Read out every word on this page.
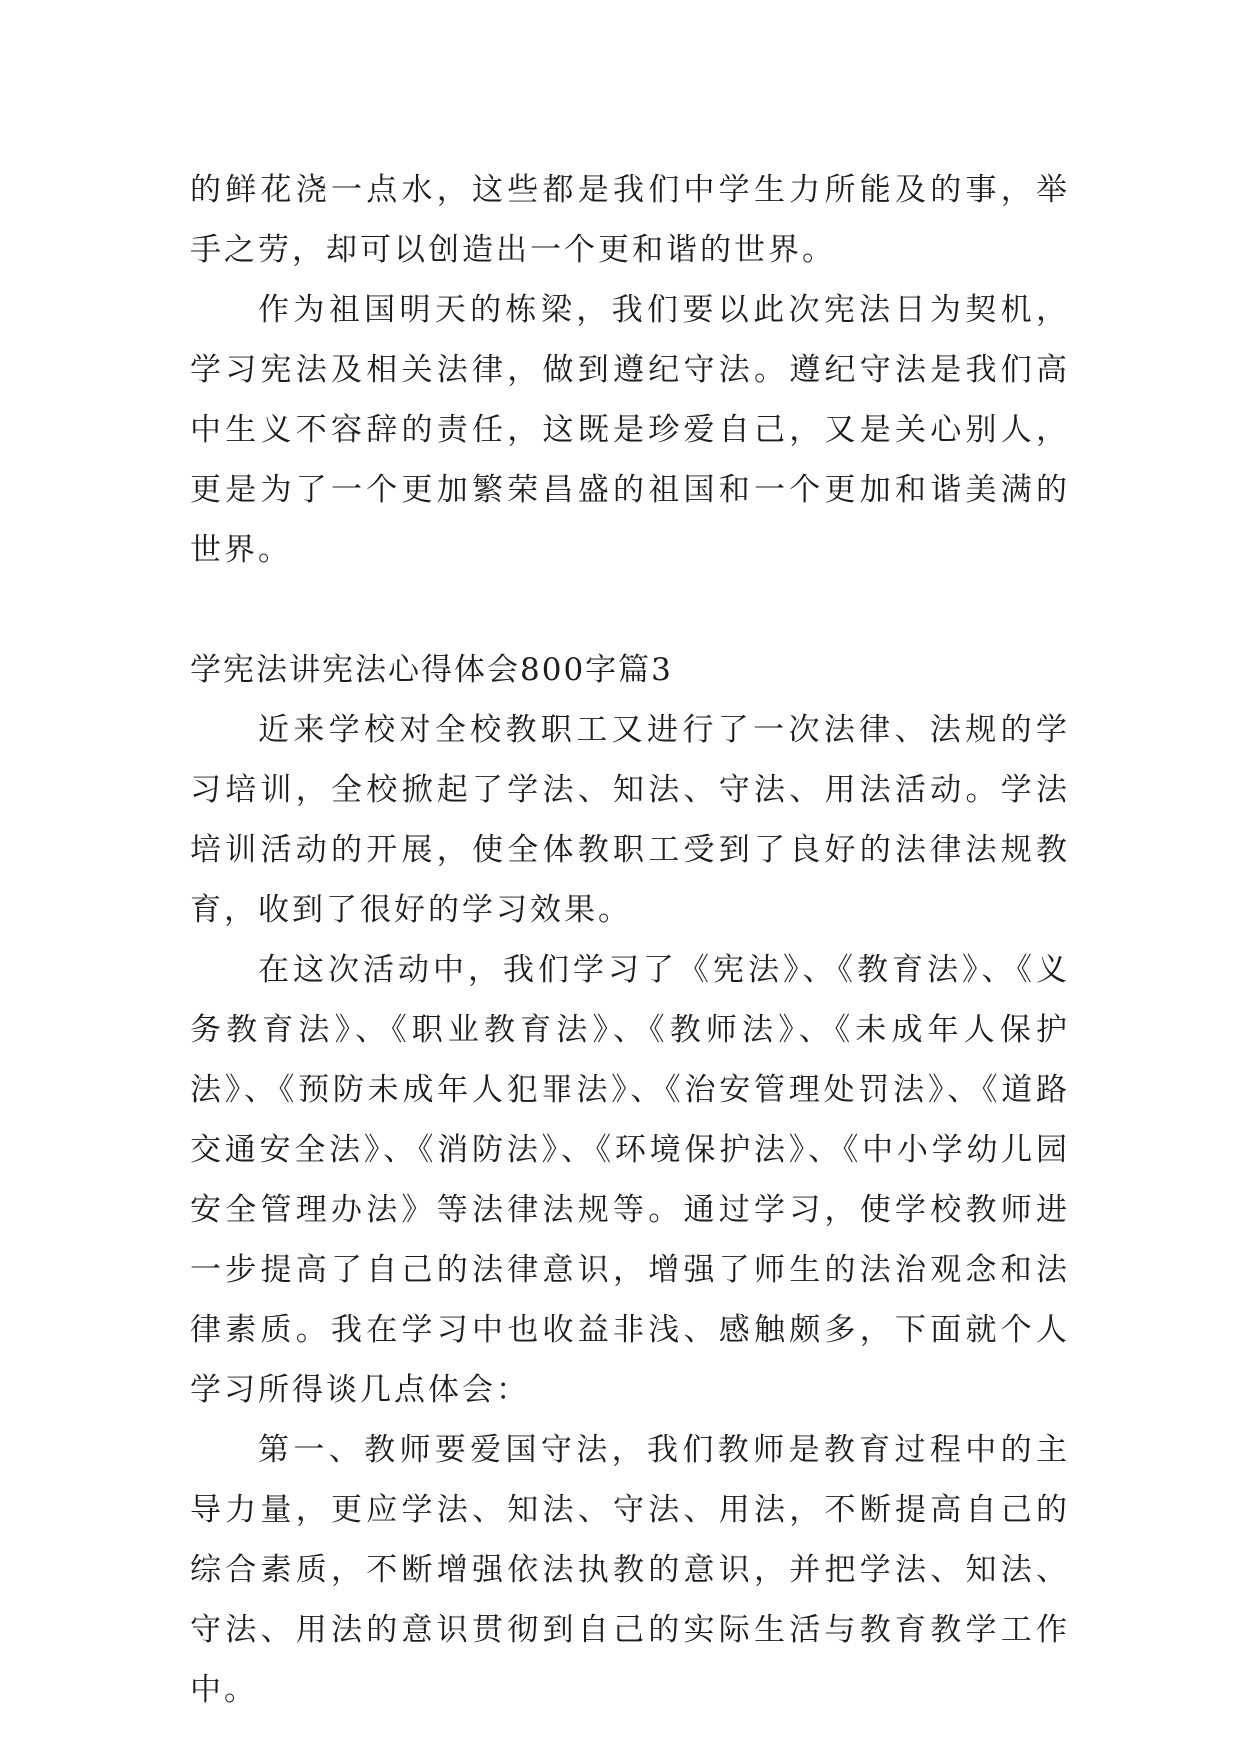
的鲜花浇一点水，这些都是我们中学生力所能及的事，举手之劳，却可以创造出一个更和谐的世界。

作为祖国明天的栋梁，我们要以此次宪法日为契机，学习宪法及相关法律，做到遵纪守法。遵纪守法是我们高中生义不容辞的责任，这既是珍爱自己，又是关心别人，更是为了一个更加繁荣昌盛的祖国和一个更加和谐美满的世界。

学宪法讲宪法心得体会800字篇3

近来学校对全校教职工又进行了一次法律、法规的学习培训，全校掀起了学法、知法、守法、用法活动。学法培训活动的开展，使全体教职工受到了良好的法律法规教育，收到了很好的学习效果。

在这次活动中，我们学习了《宪法》、《教育法》、《义务教育法》、《职业教育法》、《教师法》、《未成年人保护法》、《预防未成年人犯罪法》、《治安管理处罚法》、《道路交通安全法》、《消防法》、《环境保护法》、《中小学幼儿园安全管理办法》等法律法规等。通过学习，使学校教师进一步提高了自己的法律意识，增强了师生的法治观念和法律素质。我在学习中也收益非浅、感触颇多，下面就个人学习所得谈几点体会：

第一、教师要爱国守法，我们教师是教育过程中的主导力量，更应学法、知法、守法、用法，不断提高自己的综合素质，不断增强依法执教的意识，并把学法、知法、守法、用法的意识贯彻到自己的实际生活与教育教学工作中。
